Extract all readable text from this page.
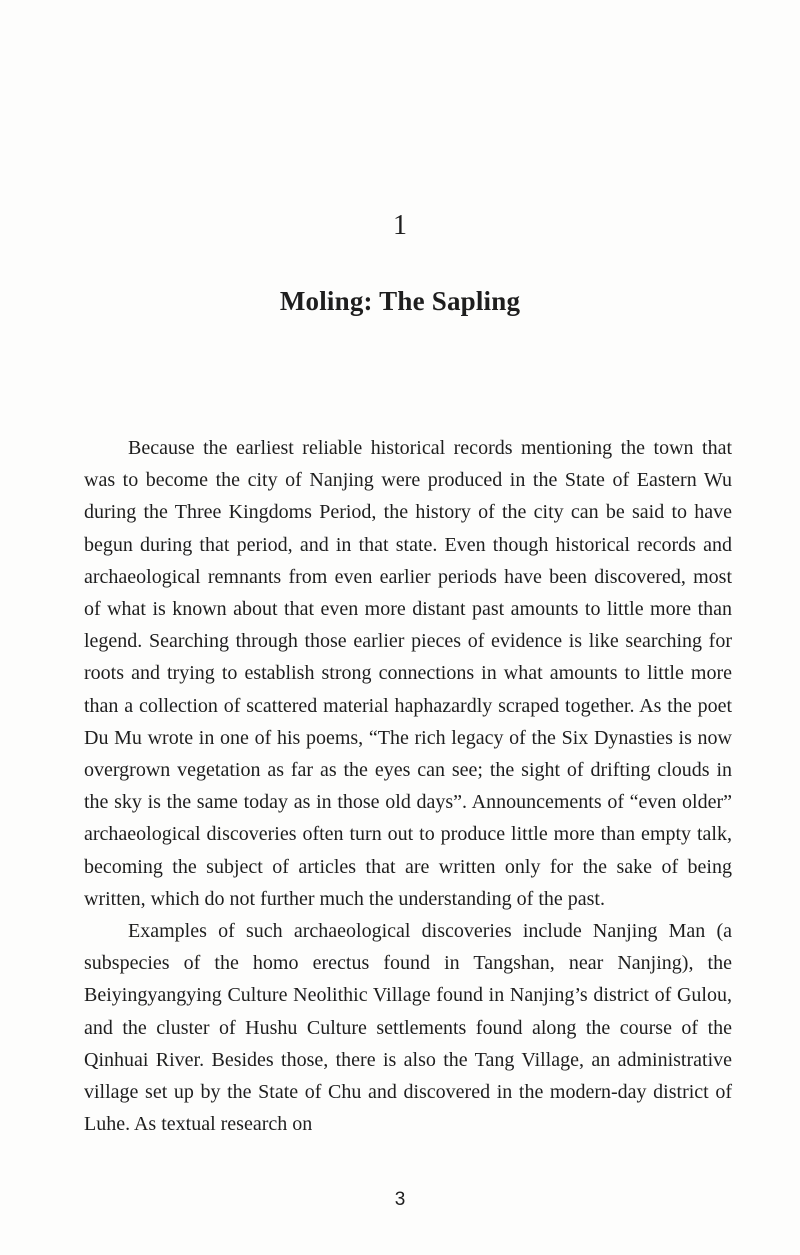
1
Moling: The Sapling

Because the earliest reliable historical records mentioning the town that was to become the city of Nanjing were produced in the State of Eastern Wu during the Three Kingdoms Period, the history of the city can be said to have begun during that period, and in that state. Even though historical records and archaeological remnants from even earlier periods have been discovered, most of what is known about that even more distant past amounts to little more than legend. Searching through those earlier pieces of evidence is like searching for roots and trying to establish strong connections in what amounts to little more than a collection of scattered material haphazardly scraped together. As the poet Du Mu wrote in one of his poems, “The rich legacy of the Six Dynasties is now overgrown vegetation as far as the eyes can see; the sight of drifting clouds in the sky is the same today as in those old days”. Announcements of “even older” archaeological discoveries often turn out to produce little more than empty talk, becoming the subject of articles that are written only for the sake of being written, which do not further much the understanding of the past.

Examples of such archaeological discoveries include Nanjing Man (a subspecies of the homo erectus found in Tangshan, near Nanjing), the Beiyingyangying Culture Neolithic Village found in Nanjing’s district of Gulou, and the cluster of Hushu Culture settlements found along the course of the Qinhuai River. Besides those, there is also the Tang Village, an administrative village set up by the State of Chu and discovered in the modern-day district of Luhe. As textual research on

3
